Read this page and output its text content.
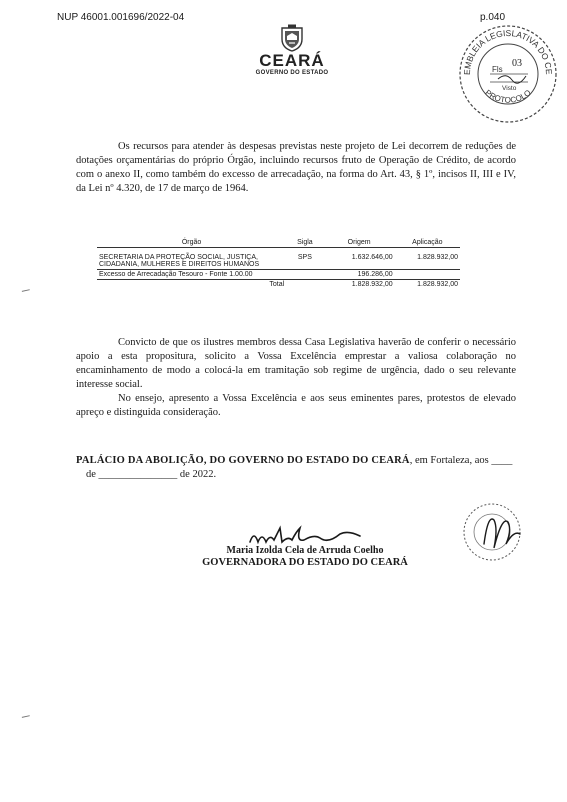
NUP 46001.001696/2022-04	p.040
CEARÁ
GOVERNO DO ESTADO	EMBLEIA LEGISLATIVA DO CE
PROTOCOLO
Fls
03
Visto
Os recursos para atender às despesas previstas neste projeto de Lei decorrem de reduções de dotações orçamentárias do próprio Órgão, incluindo recursos fruto de Operação de Crédito, de acordo com o anexo II, como também do excesso de arrecadação, na forma do Art. 43, § 1º, incisos II, III e IV, da Lei nº 4.320, de 17 de março de 1964.
Órgão	Sigla	Origem	Aplicação
SECRETARIA DA PROTEÇÃO SOCIAL, JUSTIÇA, CIDADANIA, MULHERES E DIREITOS HUMANOS	SPS	1.632.646,00	1.828.932,00
Excesso de Arrecadação Tesouro - Fonte 1.00.00		196.286,00	
Total		1.828.932,00	1.828.932,00
Convicto de que os ilustres membros dessa Casa Legislativa haverão de conferir o necessário apoio a esta propositura, solicito a Vossa Excelência emprestar a valiosa colaboração no encaminhamento de modo a colocá-la em tramitação sob regime de urgência, dado o seu relevante interesse social.
No ensejo, apresento a Vossa Excelência e aos seus eminentes pares, protestos de elevado apreço e distinguida consideração.
PALÁCIO DA ABOLIÇÃO, DO GOVERNO DO ESTADO DO CEARÁ, em Fortaleza, aos ____
de _______________ de 2022.
Maria Izolda Cela de Arruda Coelho
GOVERNADORA DO ESTADO DO CEARÁ
